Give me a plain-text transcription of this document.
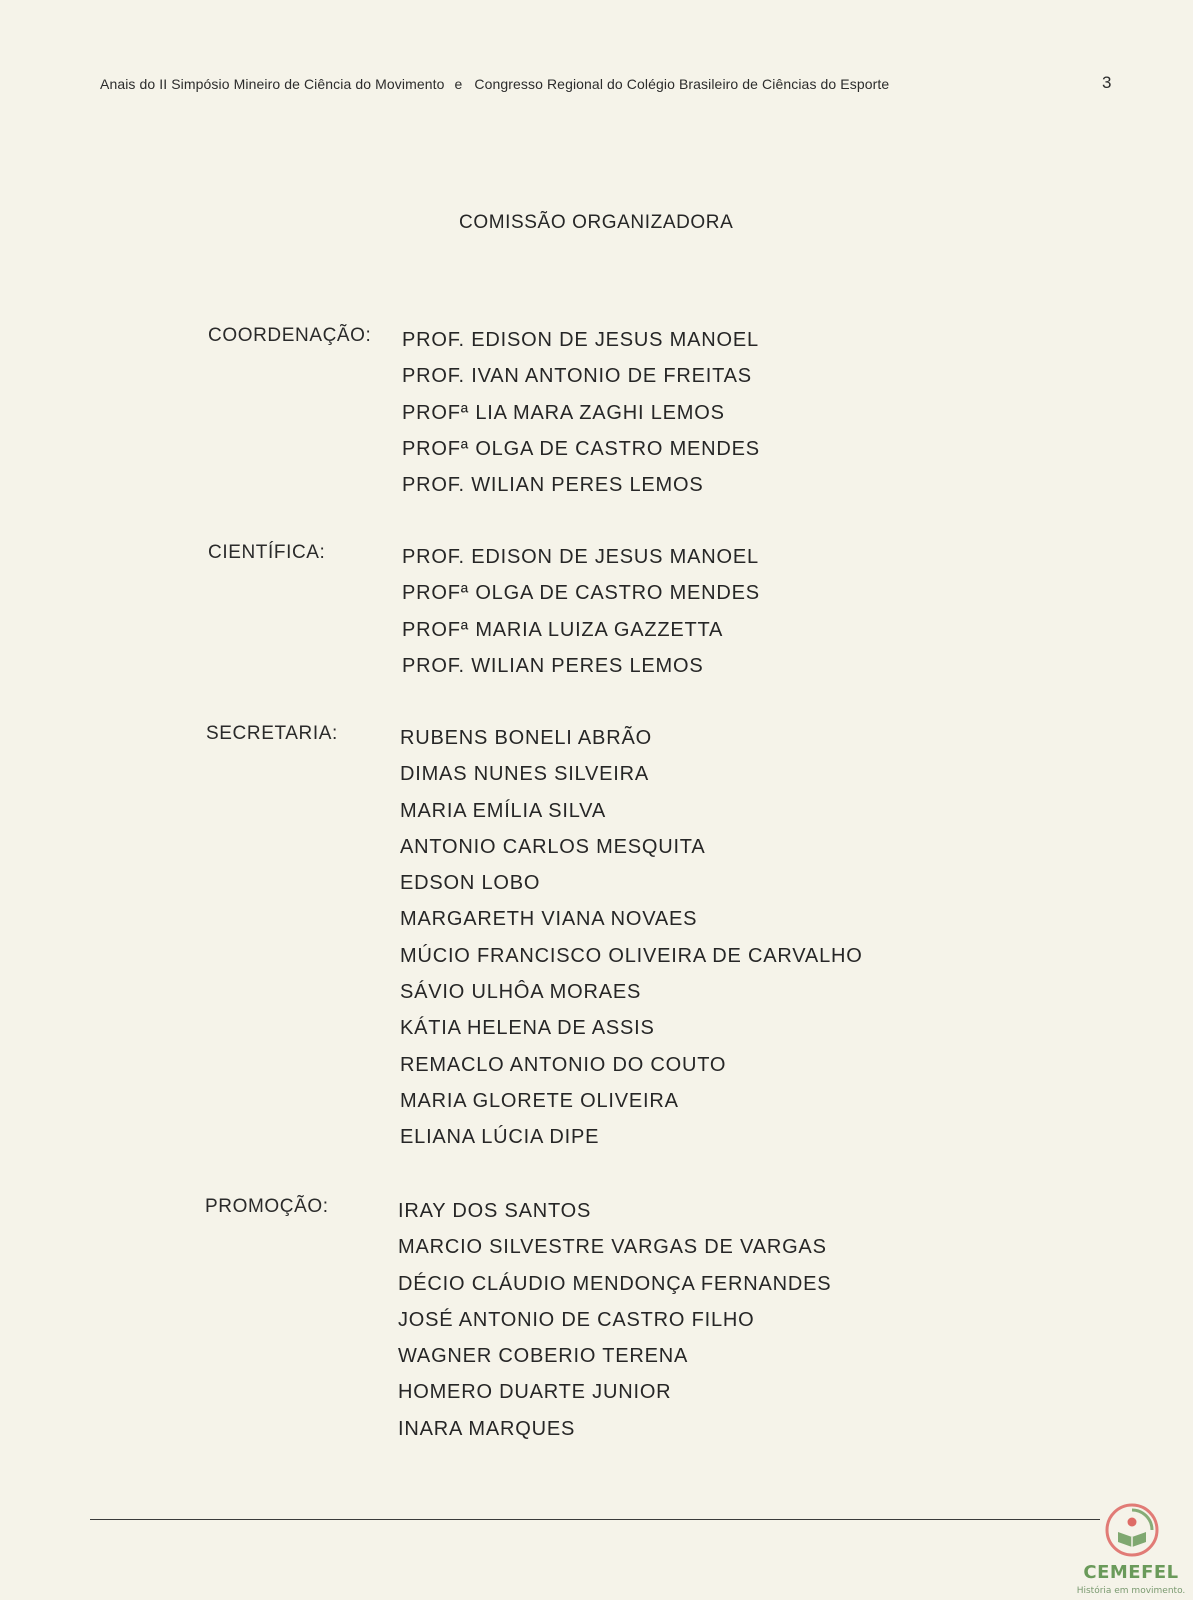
Anais do II Simpósio Mineiro de Ciência do Movimento e Congresso Regional do Colégio Brasileiro de Ciências do Esporte	3
COMISSÃO ORGANIZADORA
COORDENAÇÃO: PROF. EDISON DE JESUS MANOEL
PROF. IVAN ANTONIO DE FREITAS
PROFª LIA MARA ZAGHI LEMOS
PROFª OLGA DE CASTRO MENDES
PROF. WILIAN PERES LEMOS
CIENTÍFICA:	PROF. EDISON DE JESUS MANOEL
PROFª OLGA DE CASTRO MENDES
PROFª MARIA LUIZA GAZZETTA
PROF. WILIAN PERES LEMOS
SECRETARIA:	RUBENS BONELI ABRÃO
DIMAS NUNES SILVEIRA
MARIA EMÍLIA SILVA
ANTONIO CARLOS MESQUITA
EDSON LOBO
MARGARETH VIANA NOVAES
MÚCIO FRANCISCO OLIVEIRA DE CARVALHO
SÁVIO ULHÔA MORAES
KÁTIA HELENA DE ASSIS
REMACLO ANTONIO DO COUTO
MARIA GLORETE OLIVEIRA
ELIANA LÚCIA DIPE
PROMOÇÃO:	IRAY DOS SANTOS
MARCIO SILVESTRE VARGAS DE VARGAS
DÉCIO CLÁUDIO MENDONÇA FERNANDES
JOSÉ ANTONIO DE CASTRO FILHO
WAGNER COBERIO TERENA
HOMERO DUARTE JUNIOR
INARA MARQUES
CEMEFEL
História em movimento.
